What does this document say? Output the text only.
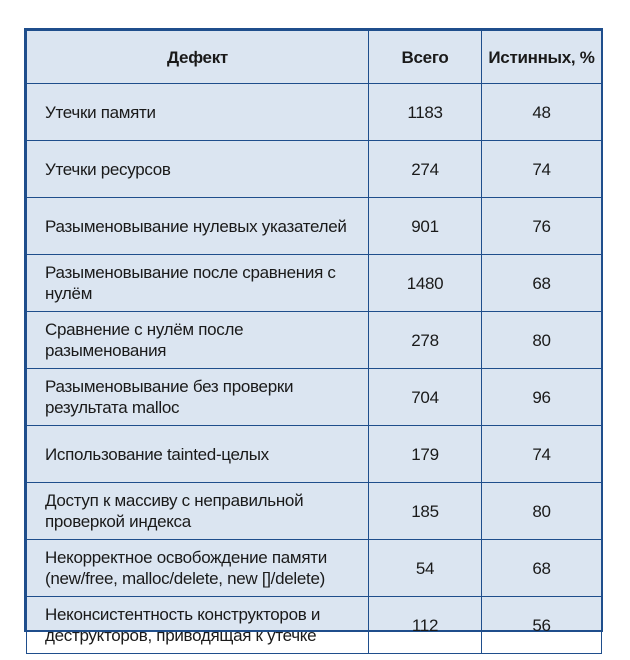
Дефект	Всего	Истинных, %
Утечки памяти	1183	48
Утечки ресурсов	274	74
Разыменовывание нулевых указателей	901	76
Разыменовывание после сравнения с нулём	1480	68
Сравнение с нулём после разыменования	278	80
Разыменовывание без проверки результата malloc	704	96
Использование tainted-целых	179	74
Доступ к массиву с неправильной проверкой индекса	185	80
Некорректное освобождение памяти (new/free, malloc/delete, new []/delete)	54	68
Неконсистентность конструкторов и деструкторов, приводящая к утечке	112	56
